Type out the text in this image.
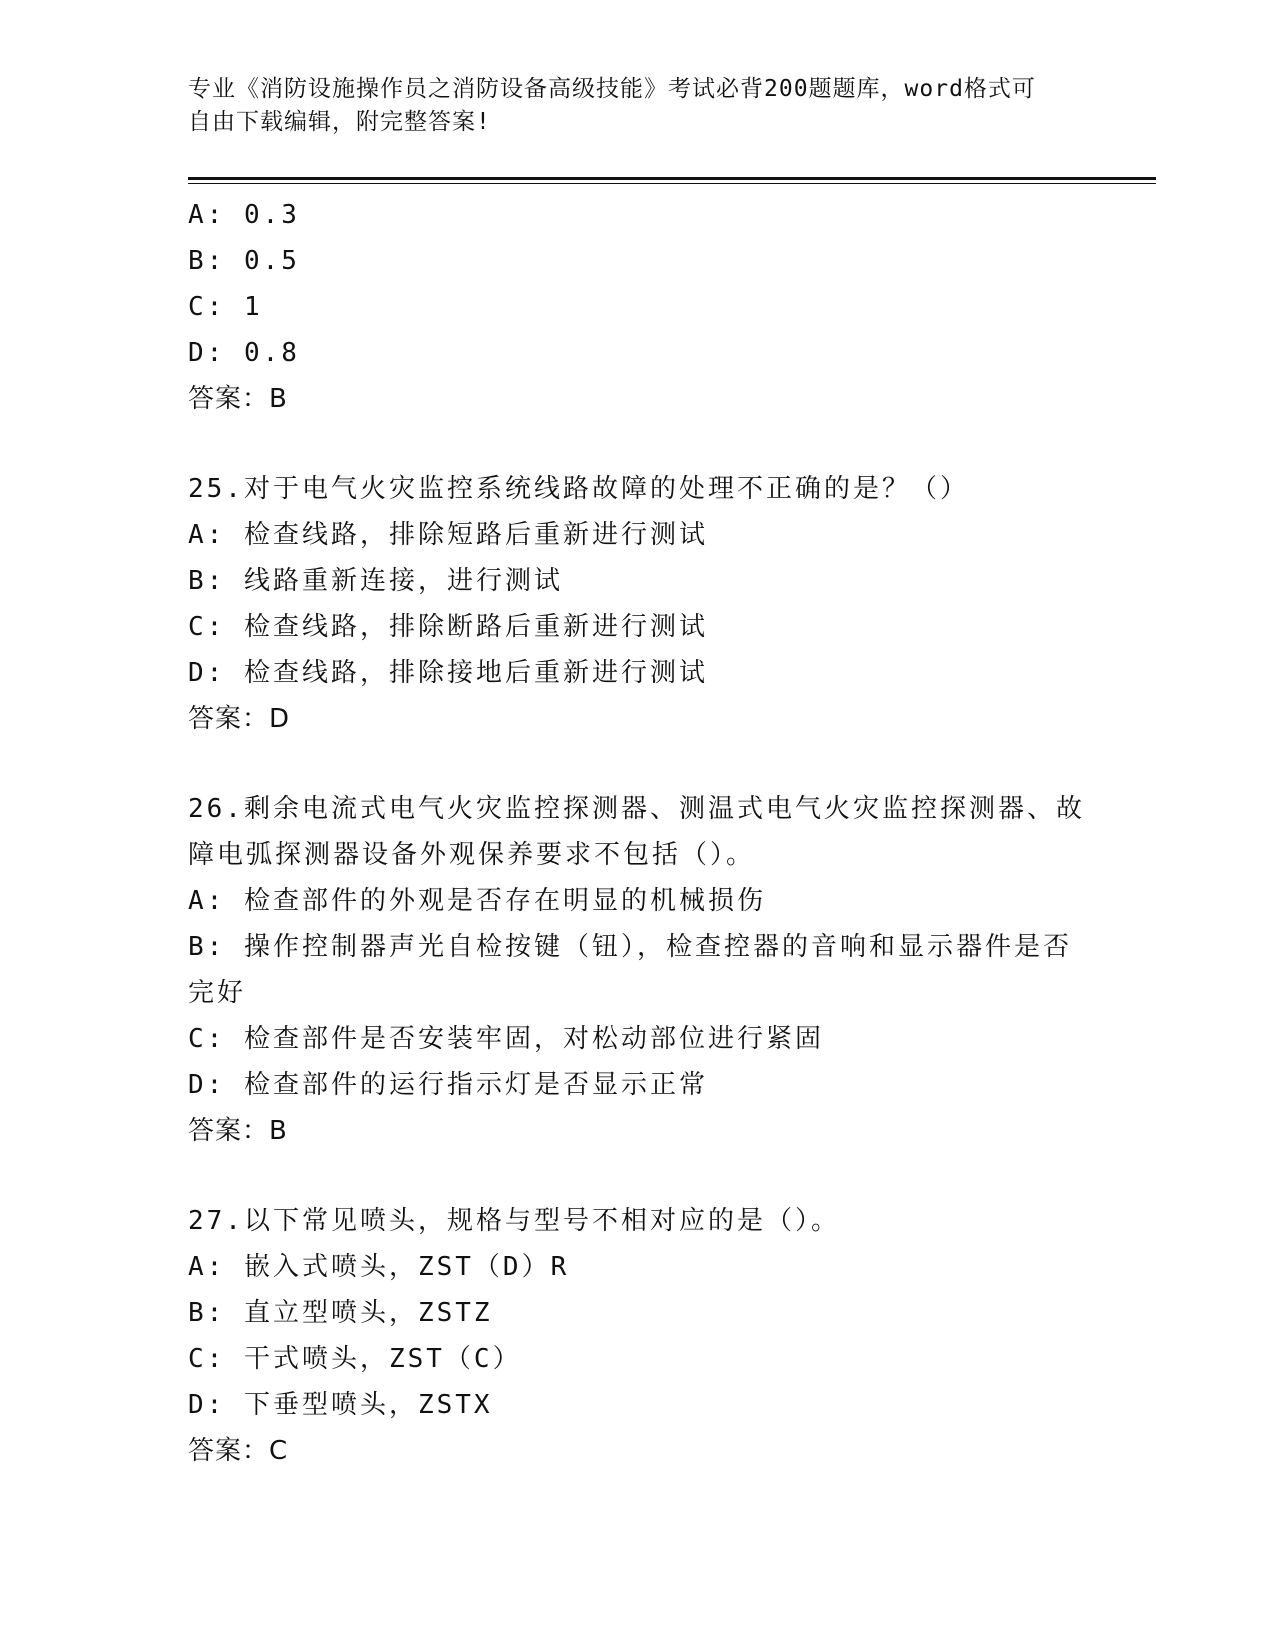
专业《消防设施操作员之消防设备高级技能》考试必背200题题库，word格式可
自由下载编辑，附完整答案!
A: 0.3
B: 0.5
C: 1
D: 0.8
答案：B
25.对于电气火灾监控系统线路故障的处理不正确的是？（）
A: 检查线路，排除短路后重新进行测试
B: 线路重新连接，进行测试
C: 检查线路，排除断路后重新进行测试
D: 检查线路，排除接地后重新进行测试
答案：D
26.剩余电流式电气火灾监控探测器、测温式电气火灾监控探测器、故
障电弧探测器设备外观保养要求不包括（）。
A: 检查部件的外观是否存在明显的机械损伤
B: 操作控制器声光自检按键（钮），检查控器的音响和显示器件是否
完好
C: 检查部件是否安装牢固，对松动部位进行紧固
D: 检查部件的运行指示灯是否显示正常
答案：B
27.以下常见喷头，规格与型号不相对应的是（）。
A: 嵌入式喷头，ZST（D）R
B: 直立型喷头，ZSTZ
C: 干式喷头，ZST（C）
D: 下垂型喷头，ZSTX
答案：C
